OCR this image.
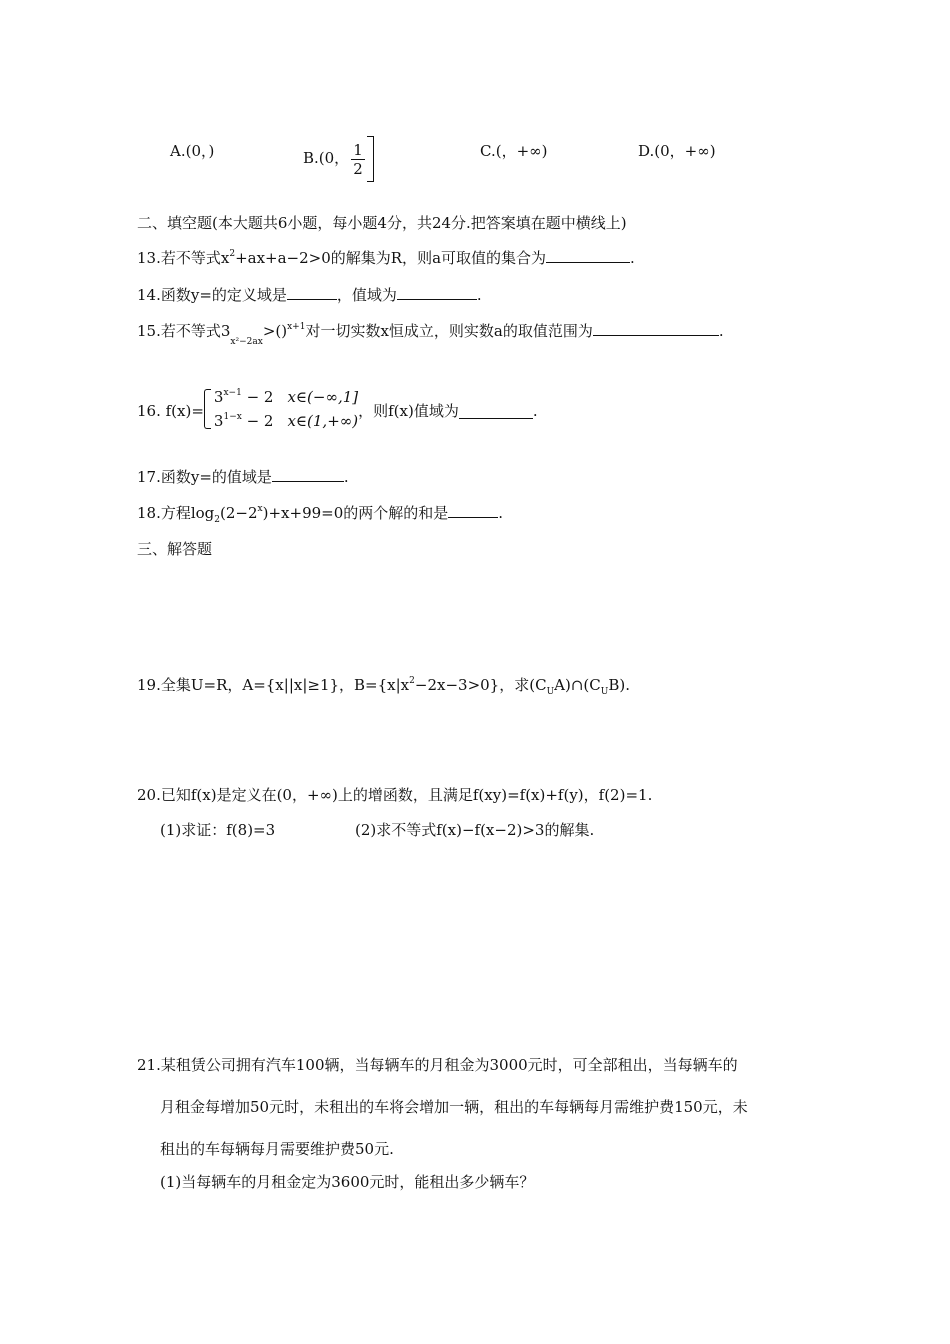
A.(0，)	B.(0， $\frac{1}{2}$	C.(，+∞)	D.(0，+∞)
二、填空题(本大题共6小题，每小题4分，共24分.把答案填在题中横线上)
13.若不等式$x^2+ax+a-2>0$的解集为R，则a可取值的集合为	.
14.函数y=的定义域是	，值域为	.
15.若不等式$3_{x^2-2ax}>()^{x+1}$对一切实数x恒成立，则实数a的取值范围为	.
16. f(x)=
$3^{x-1} - 2$ x∈(−∞,1]
$3^{1-x} - 2$ x∈(1,+∞)
，则f(x)值域为	.
17.函数y=的值域是	.
18.方程$\log_2(2-2^x)+x+99=0$的两个解的和是	.
三、解答题
19.全集U=R，A={x||x|≥1}，$B=\{x|x^2-2x-3>0\}$，求$(C_UA)\cap(C_UB)$.
20.已知f(x)是定义在(0，+∞)上的增函数，且满足f(xy)=f(x)+f(y)，f(2)=1.
(1)求证：f(8)=3	(2)求不等式f(x)−f(x−2)>3的解集.
21.某租赁公司拥有汽车100辆，当每辆车的月租金为3000元时，可全部租出，当每辆车的
月租金每增加50元时，未租出的车将会增加一辆，租出的车每辆每月需维护费150元，未
租出的车每辆每月需要维护费50元.
(1)当每辆车的月租金定为3600元时，能租出多少辆车？
